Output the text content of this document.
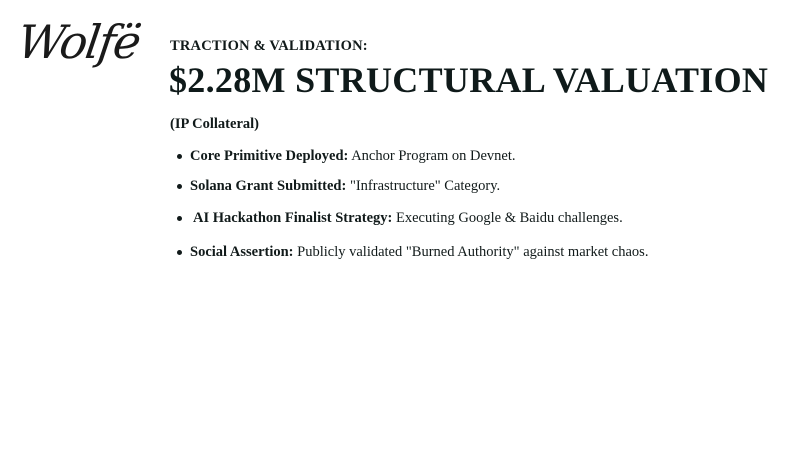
Wolfë TRACTION & VALIDATION:
$2.28M STRUCTURAL VALUATION
(IP Collateral)
Core Primitive Deployed: Anchor Program on Devnet.
Solana Grant Submitted: "Infrastructure" Category.
AI Hackathon Finalist Strategy: Executing Google & Baidu challenges.
Social Assertion: Publicly validated "Burned Authority" against market chaos.
